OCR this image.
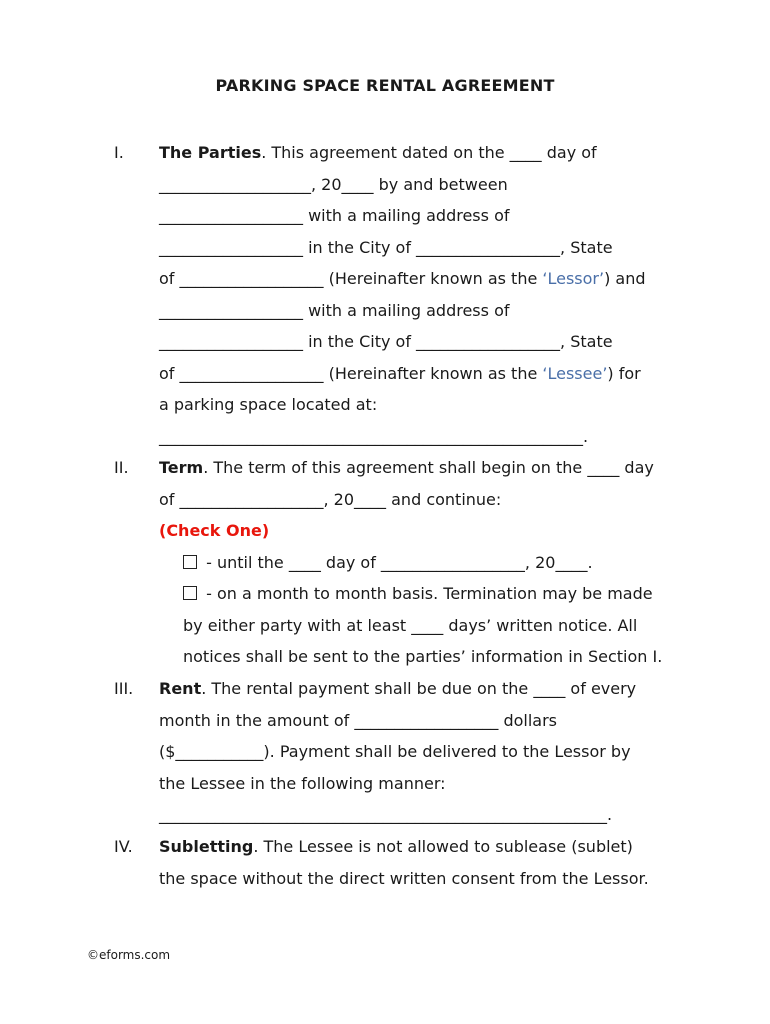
PARKING SPACE RENTAL AGREEMENT
I. The Parties. This agreement dated on the ____ day of
___________________, 20____ by and between
__________________ with a mailing address of
__________________ in the City of __________________, State
of __________________ (Hereinafter known as the ‘Lessor’) and
__________________ with a mailing address of
__________________ in the City of __________________, State
of __________________ (Hereinafter known as the ‘Lessee’) for
a parking space located at:
_____________________________________________________.
II. Term. The term of this agreement shall begin on the ____ day
of __________________, 20____ and continue:
(Check One)
- until the ____ day of __________________, 20____.
- on a month to month basis. Termination may be made
by either party with at least ____ days’ written notice. All
notices shall be sent to the parties’ information in Section I.
III. Rent. The rental payment shall be due on the ____ of every
month in the amount of __________________ dollars
($___________). Payment shall be delivered to the Lessor by
the Lessee in the following manner:
________________________________________________________.
IV. Subletting. The Lessee is not allowed to sublease (sublet)
the space without the direct written consent from the Lessor.
©eforms.com
